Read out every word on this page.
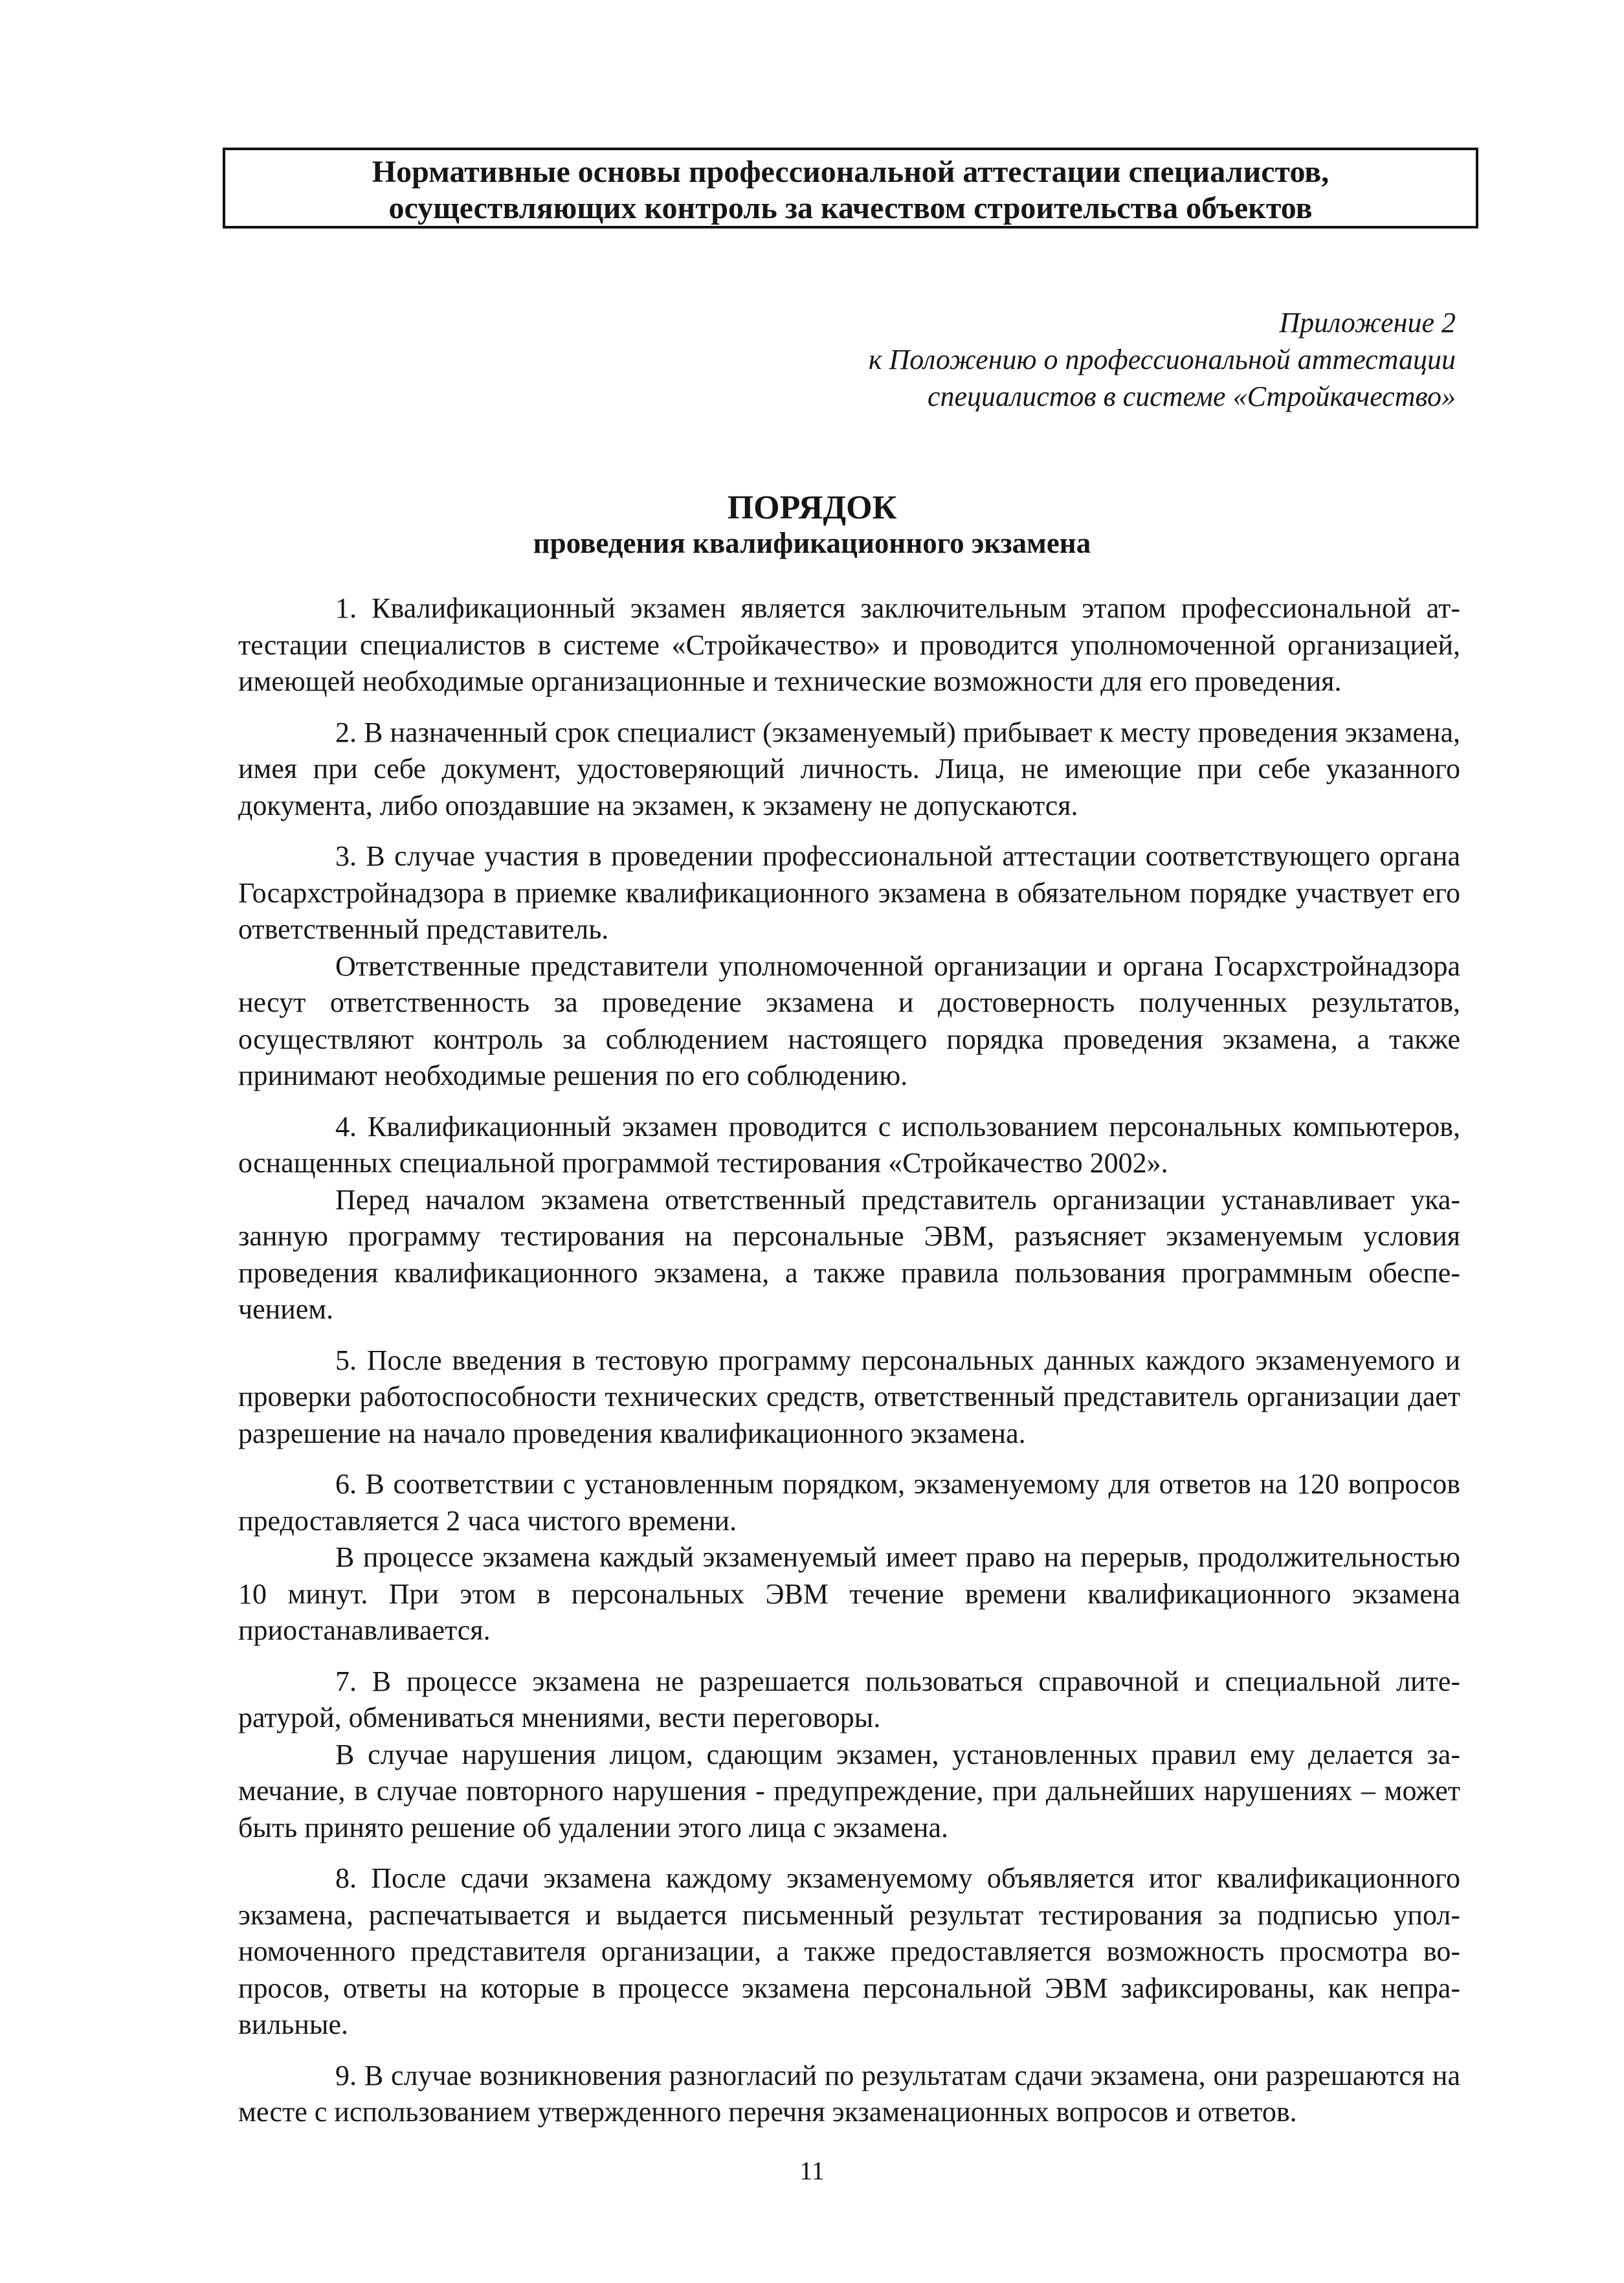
Нормативные основы профессиональной аттестации специалистов,
осуществляющих контроль за качеством строительства объектов
Приложение 2
к Положению о профессиональной аттестации
специалистов в системе «Стройкачество»
ПОРЯДОК
проведения квалификационного экзамена

1. Квалификационный экзамен является заключительным этапом профессиональной аттестации специалистов в системе «Стройкачество» и проводится уполномоченной организацией, имеющей необходимые организационные и технические возможности для его проведения.

2. В назначенный срок специалист (экзаменуемый) прибывает к месту проведения экзамена, имея при себе документ, удостоверяющий личность. Лица, не имеющие при себе указанного документа, либо опоздавшие на экзамен, к экзамену не допускаются.

3. В случае участия в проведении профессиональной аттестации соответствующего органа Госархстройнадзора в приемке квалификационного экзамена в обязательном порядке участвует его ответственный представитель.

Ответственные представители уполномоченной организации и органа Госархстройнадзора несут ответственность за проведение экзамена и достоверность полученных результатов, осуществляют контроль за соблюдением настоящего порядка проведения экзамена, а также принимают необходимые решения по его соблюдению.

4. Квалификационный экзамен проводится с использованием персональных компьютеров, оснащенных специальной программой тестирования «Стройкачество 2002».

Перед началом экзамена ответственный представитель организации устанавливает указанную программу тестирования на персональные ЭВМ, разъясняет экзаменуемым условия проведения квалификационного экзамена, а также правила пользования программным обеспечением.

5. После введения в тестовую программу персональных данных каждого экзаменуемого и проверки работоспособности технических средств, ответственный представитель организации дает разрешение на начало проведения квалификационного экзамена.

6. В соответствии с установленным порядком, экзаменуемому для ответов на 120 вопросов предоставляется 2 часа чистого времени.

В процессе экзамена каждый экзаменуемый имеет право на перерыв, продолжительностью 10 минут. При этом в персональных ЭВМ течение времени квалификационного экзамена приостанавливается.

7. В процессе экзамена не разрешается пользоваться справочной и специальной литературой, обмениваться мнениями, вести переговоры.

В случае нарушения лицом, сдающим экзамен, установленных правил ему делается замечание, в случае повторного нарушения - предупреждение, при дальнейших нарушениях – может быть принято решение об удалении этого лица с экзамена.

8. После сдачи экзамена каждому экзаменуемому объявляется итог квалификационного экзамена, распечатывается и выдается письменный результат тестирования за подписью уполномоченного представителя организации, а также предоставляется возможность просмотра вопросов, ответы на которые в процессе экзамена персональной ЭВМ зафиксированы, как неправильные.

9. В случае возникновения разногласий по результатам сдачи экзамена, они разрешаются на месте с использованием утвержденного перечня экзаменационных вопросов и ответов.

11
